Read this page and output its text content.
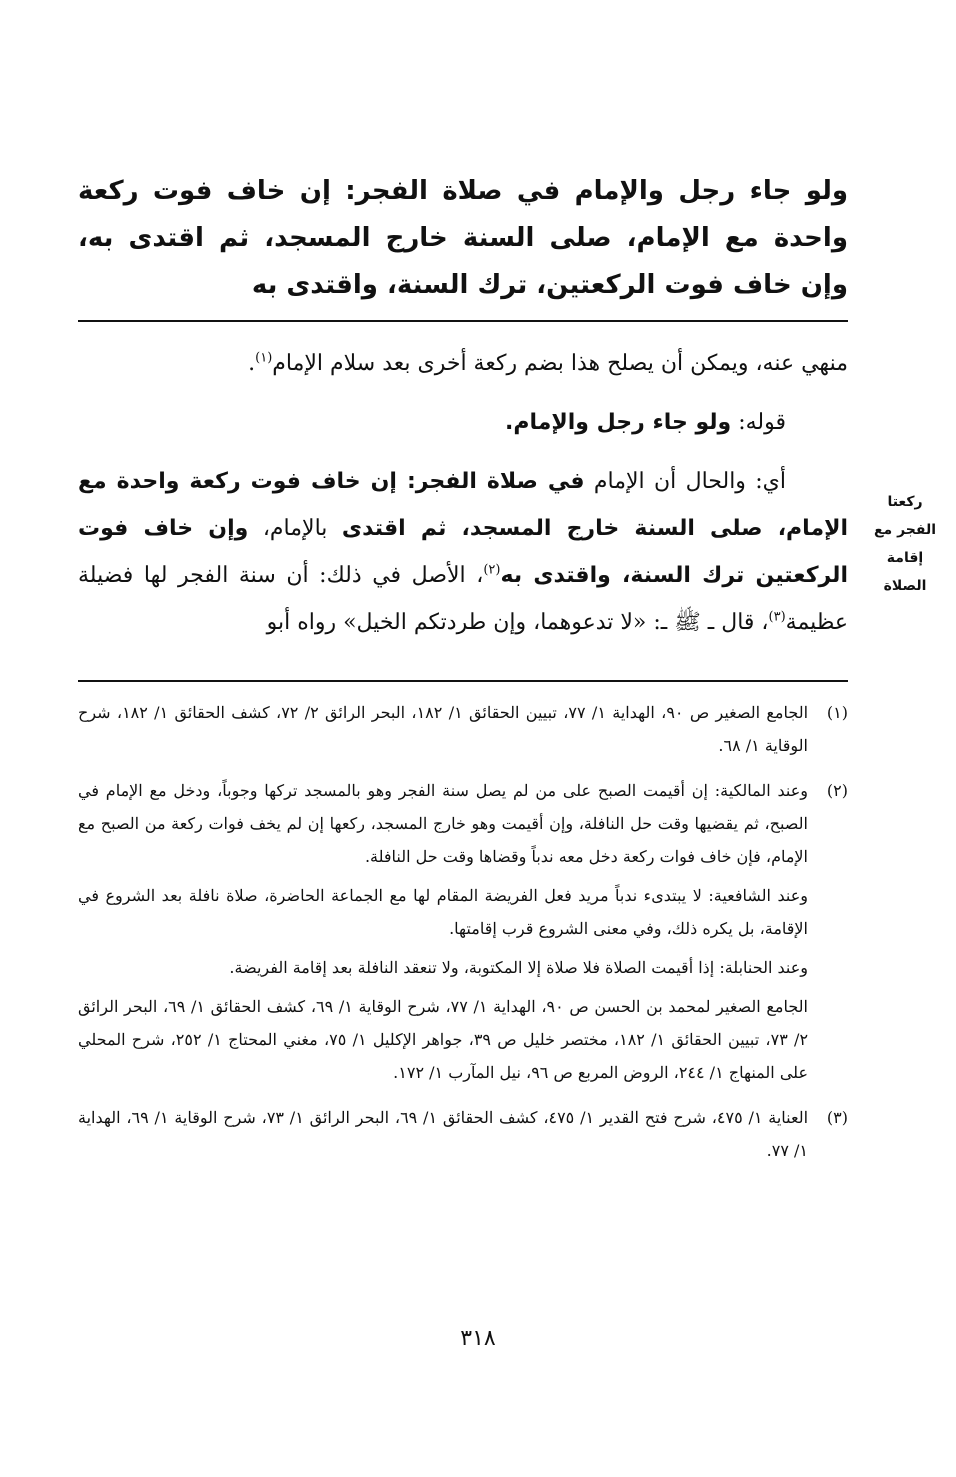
ولو جاء رجل والإمام في صلاة الفجر: إن خاف فوت ركعة واحدة مع الإمام، صلى السنة خارج المسجد، ثم اقتدى به، وإن خاف فوت الركعتين، ترك السنة، واقتدى به

منهي عنه، ويمكن أن يصلح هذا بضم ركعة أخرى بعد سلام الإمام$^{(١)}$.

قوله: ولو جاء رجل والإمام.

أي: والحال أن الإمام في صلاة الفجر: إن خاف فوت ركعة واحدة مع الإمام، صلى السنة خارج المسجد، ثم اقتدى بالإمام، وإن خاف فوت الركعتين ترك السنة، واقتدى به$^{(٢)}$، الأصل في ذلك: أن سنة الفجر لها فضيلة عظيمة$^{(٣)}$، قال ـ ﷺ ـ: «لا تدعوهما، وإن طردتكم الخيل» رواه أبو

ركعتا
الفجر مع
إقامة
الصلاة
(١)

الجامع الصغير ص ٩٠، الهداية ١/ ٧٧، تبيين الحقائق ١/ ١٨٢، البحر الرائق ٢/ ٧٢، كشف الحقائق ١/ ١٨٢، شرح الوقاية ١/ ٦٨.

(٢)

وعند المالكية: إن أقيمت الصبح على من لم يصل سنة الفجر وهو بالمسجد تركها وجوباً، ودخل مع الإمام في الصبح، ثم يقضيها وقت حل النافلة، وإن أقيمت وهو خارج المسجد، ركعها إن لم يخف فوات ركعة من الصبح مع الإمام، فإن خاف فوات ركعة دخل معه ندباً وقضاها وقت حل النافلة.

وعند الشافعية: لا يبتدىء ندباً مريد فعل الفريضة المقام لها مع الجماعة الحاضرة، صلاة نافلة بعد الشروع في الإقامة، بل يكره ذلك، وفي معنى الشروع قرب إقامتها.

وعند الحنابلة: إذا أقيمت الصلاة فلا صلاة إلا المكتوبة، ولا تنعقد النافلة بعد إقامة الفريضة.

الجامع الصغير لمحمد بن الحسن ص ٩٠، الهداية ١/ ٧٧، شرح الوقاية ١/ ٦٩، كشف الحقائق ١/ ٦٩، البحر الرائق ٢/ ٧٣، تبيين الحقائق ١/ ١٨٢، مختصر خليل ص ٣٩، جواهر الإكليل ١/ ٧٥، مغني المحتاج ١/ ٢٥٢، شرح المحلي على المنهاج ١/ ٢٤٤، الروض المربع ص ٩٦، نيل المآرب ١/ ١٧٢.

(٣)

العناية ١/ ٤٧٥، شرح فتح القدير ١/ ٤٧٥، كشف الحقائق ١/ ٦٩، البحر الرائق ١/ ٧٣، شرح الوقاية ١/ ٦٩، الهداية ١/ ٧٧.

٣١٨
